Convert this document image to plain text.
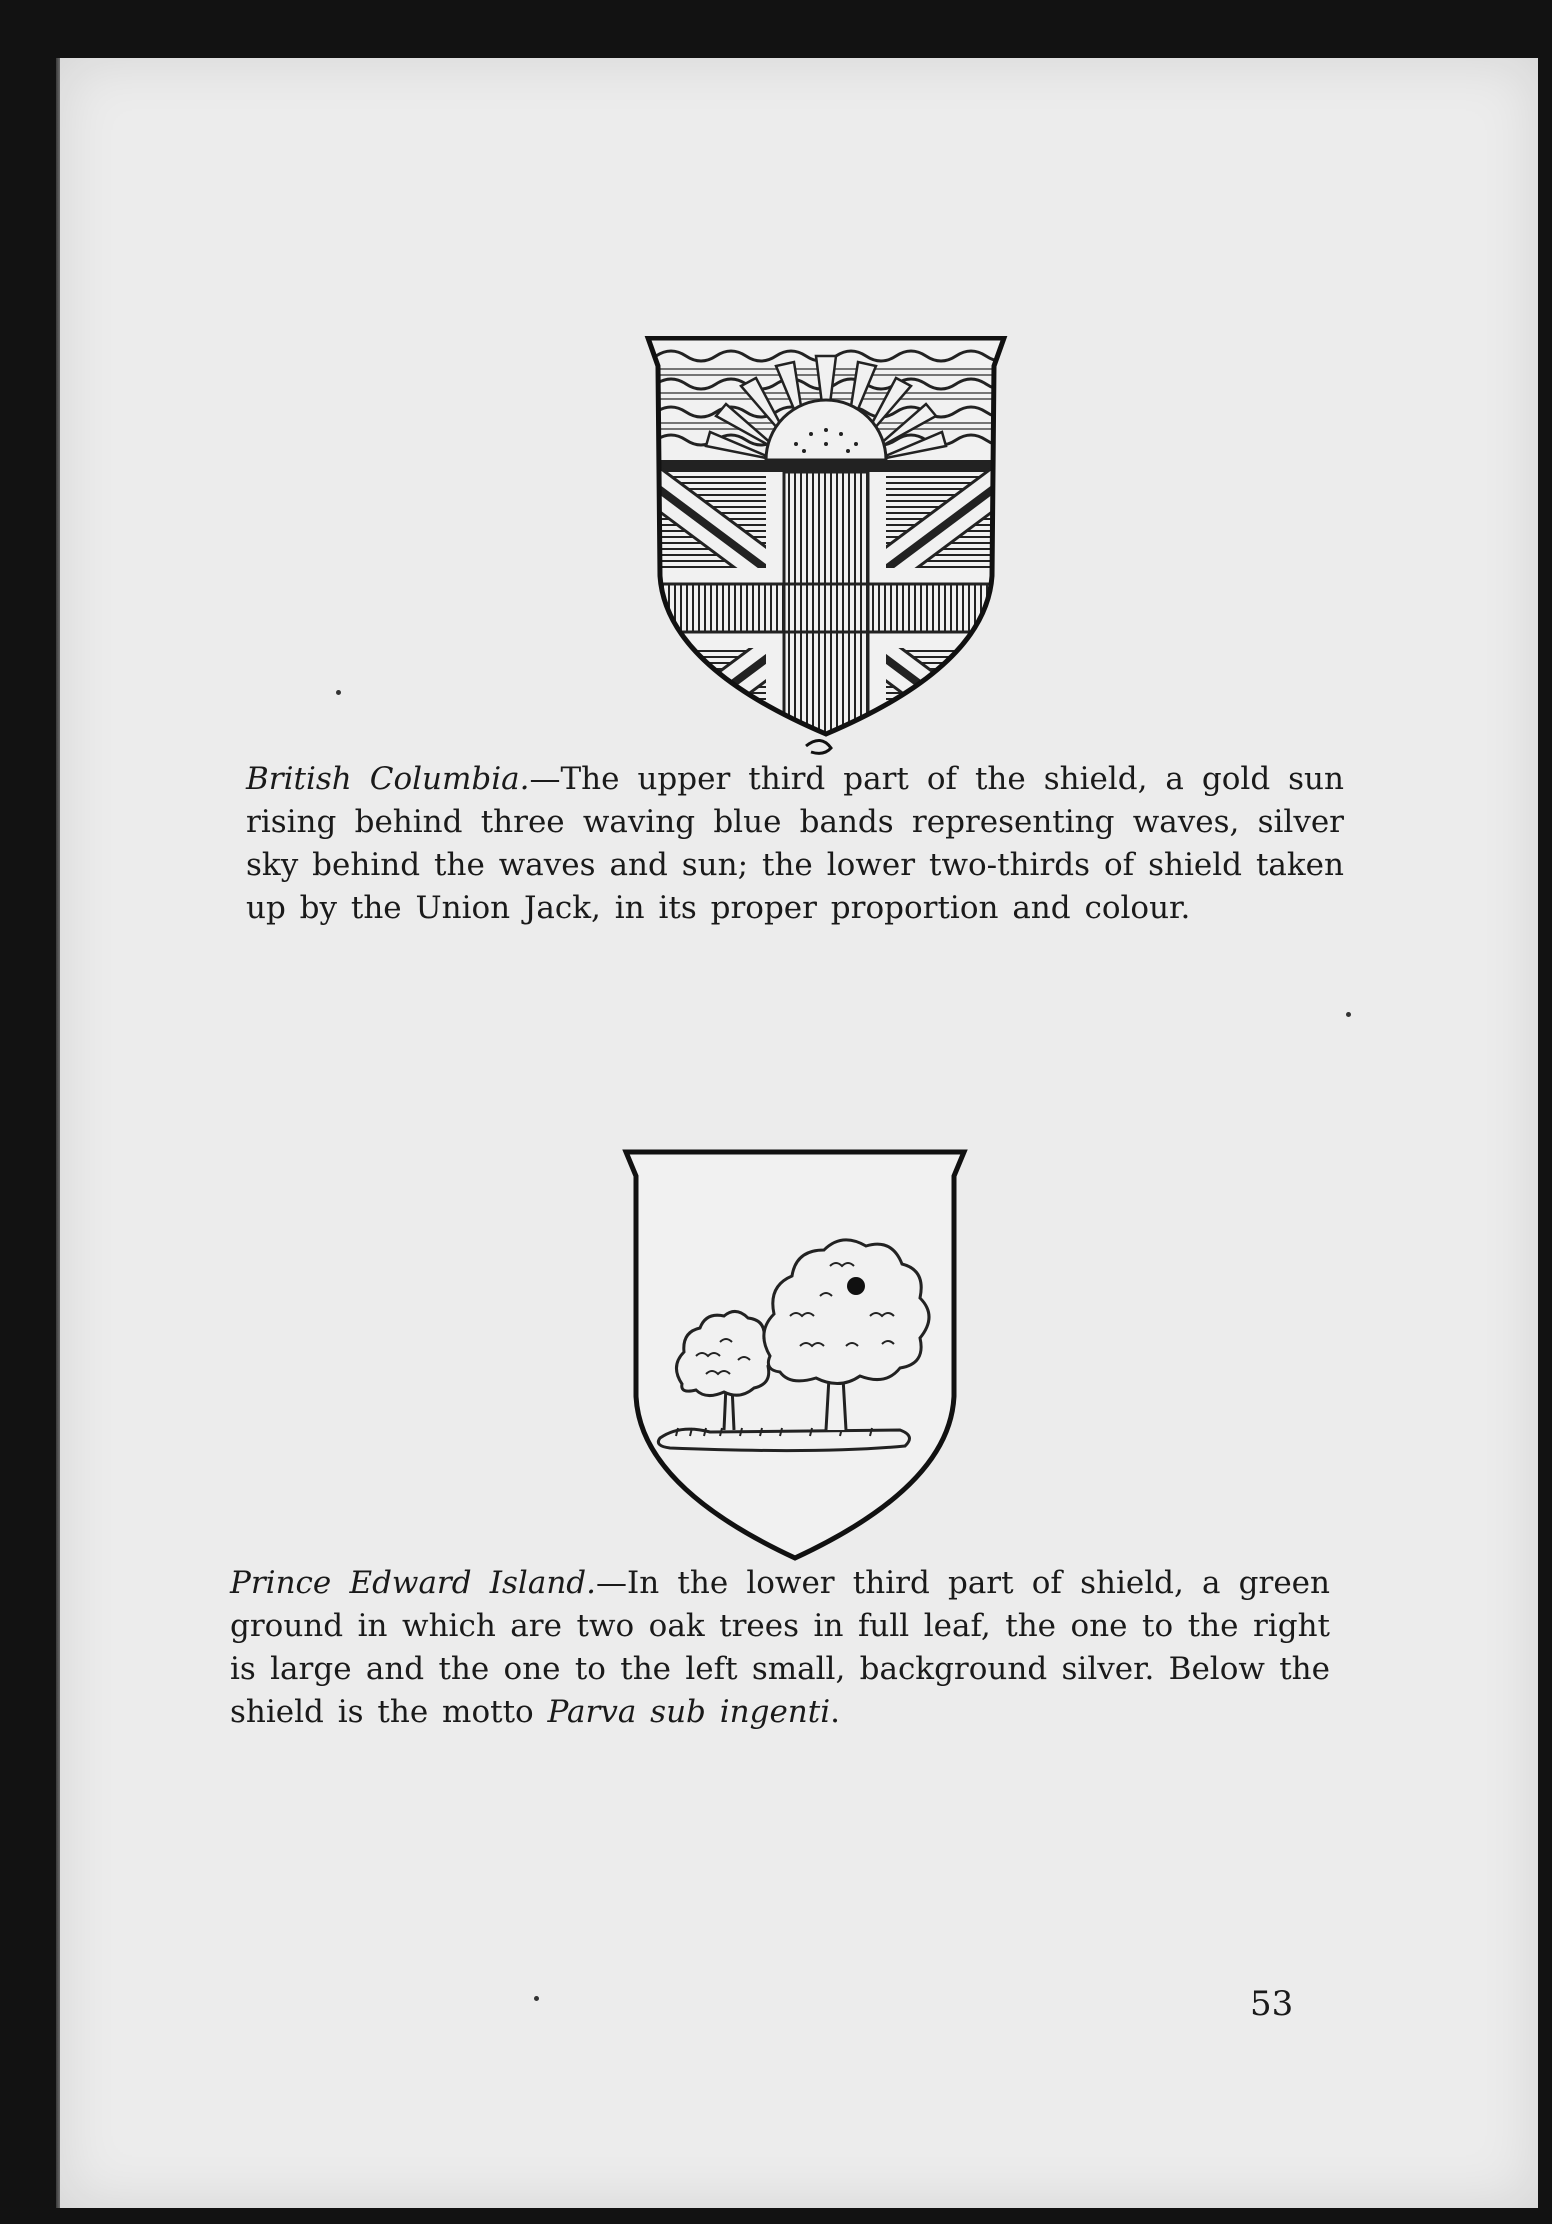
British Columbia.—The upper third part of the shield, a gold sun rising behind three waving blue bands representing waves, silver sky behind the waves and sun; the lower two-thirds of shield taken up by the Union Jack, in its proper proportion and colour.
Prince Edward Island.—In the lower third part of shield, a green ground in which are two oak trees in full leaf, the one to the right is large and the one to the left small, background silver. Below the shield is the motto Parva sub ingenti.
53
